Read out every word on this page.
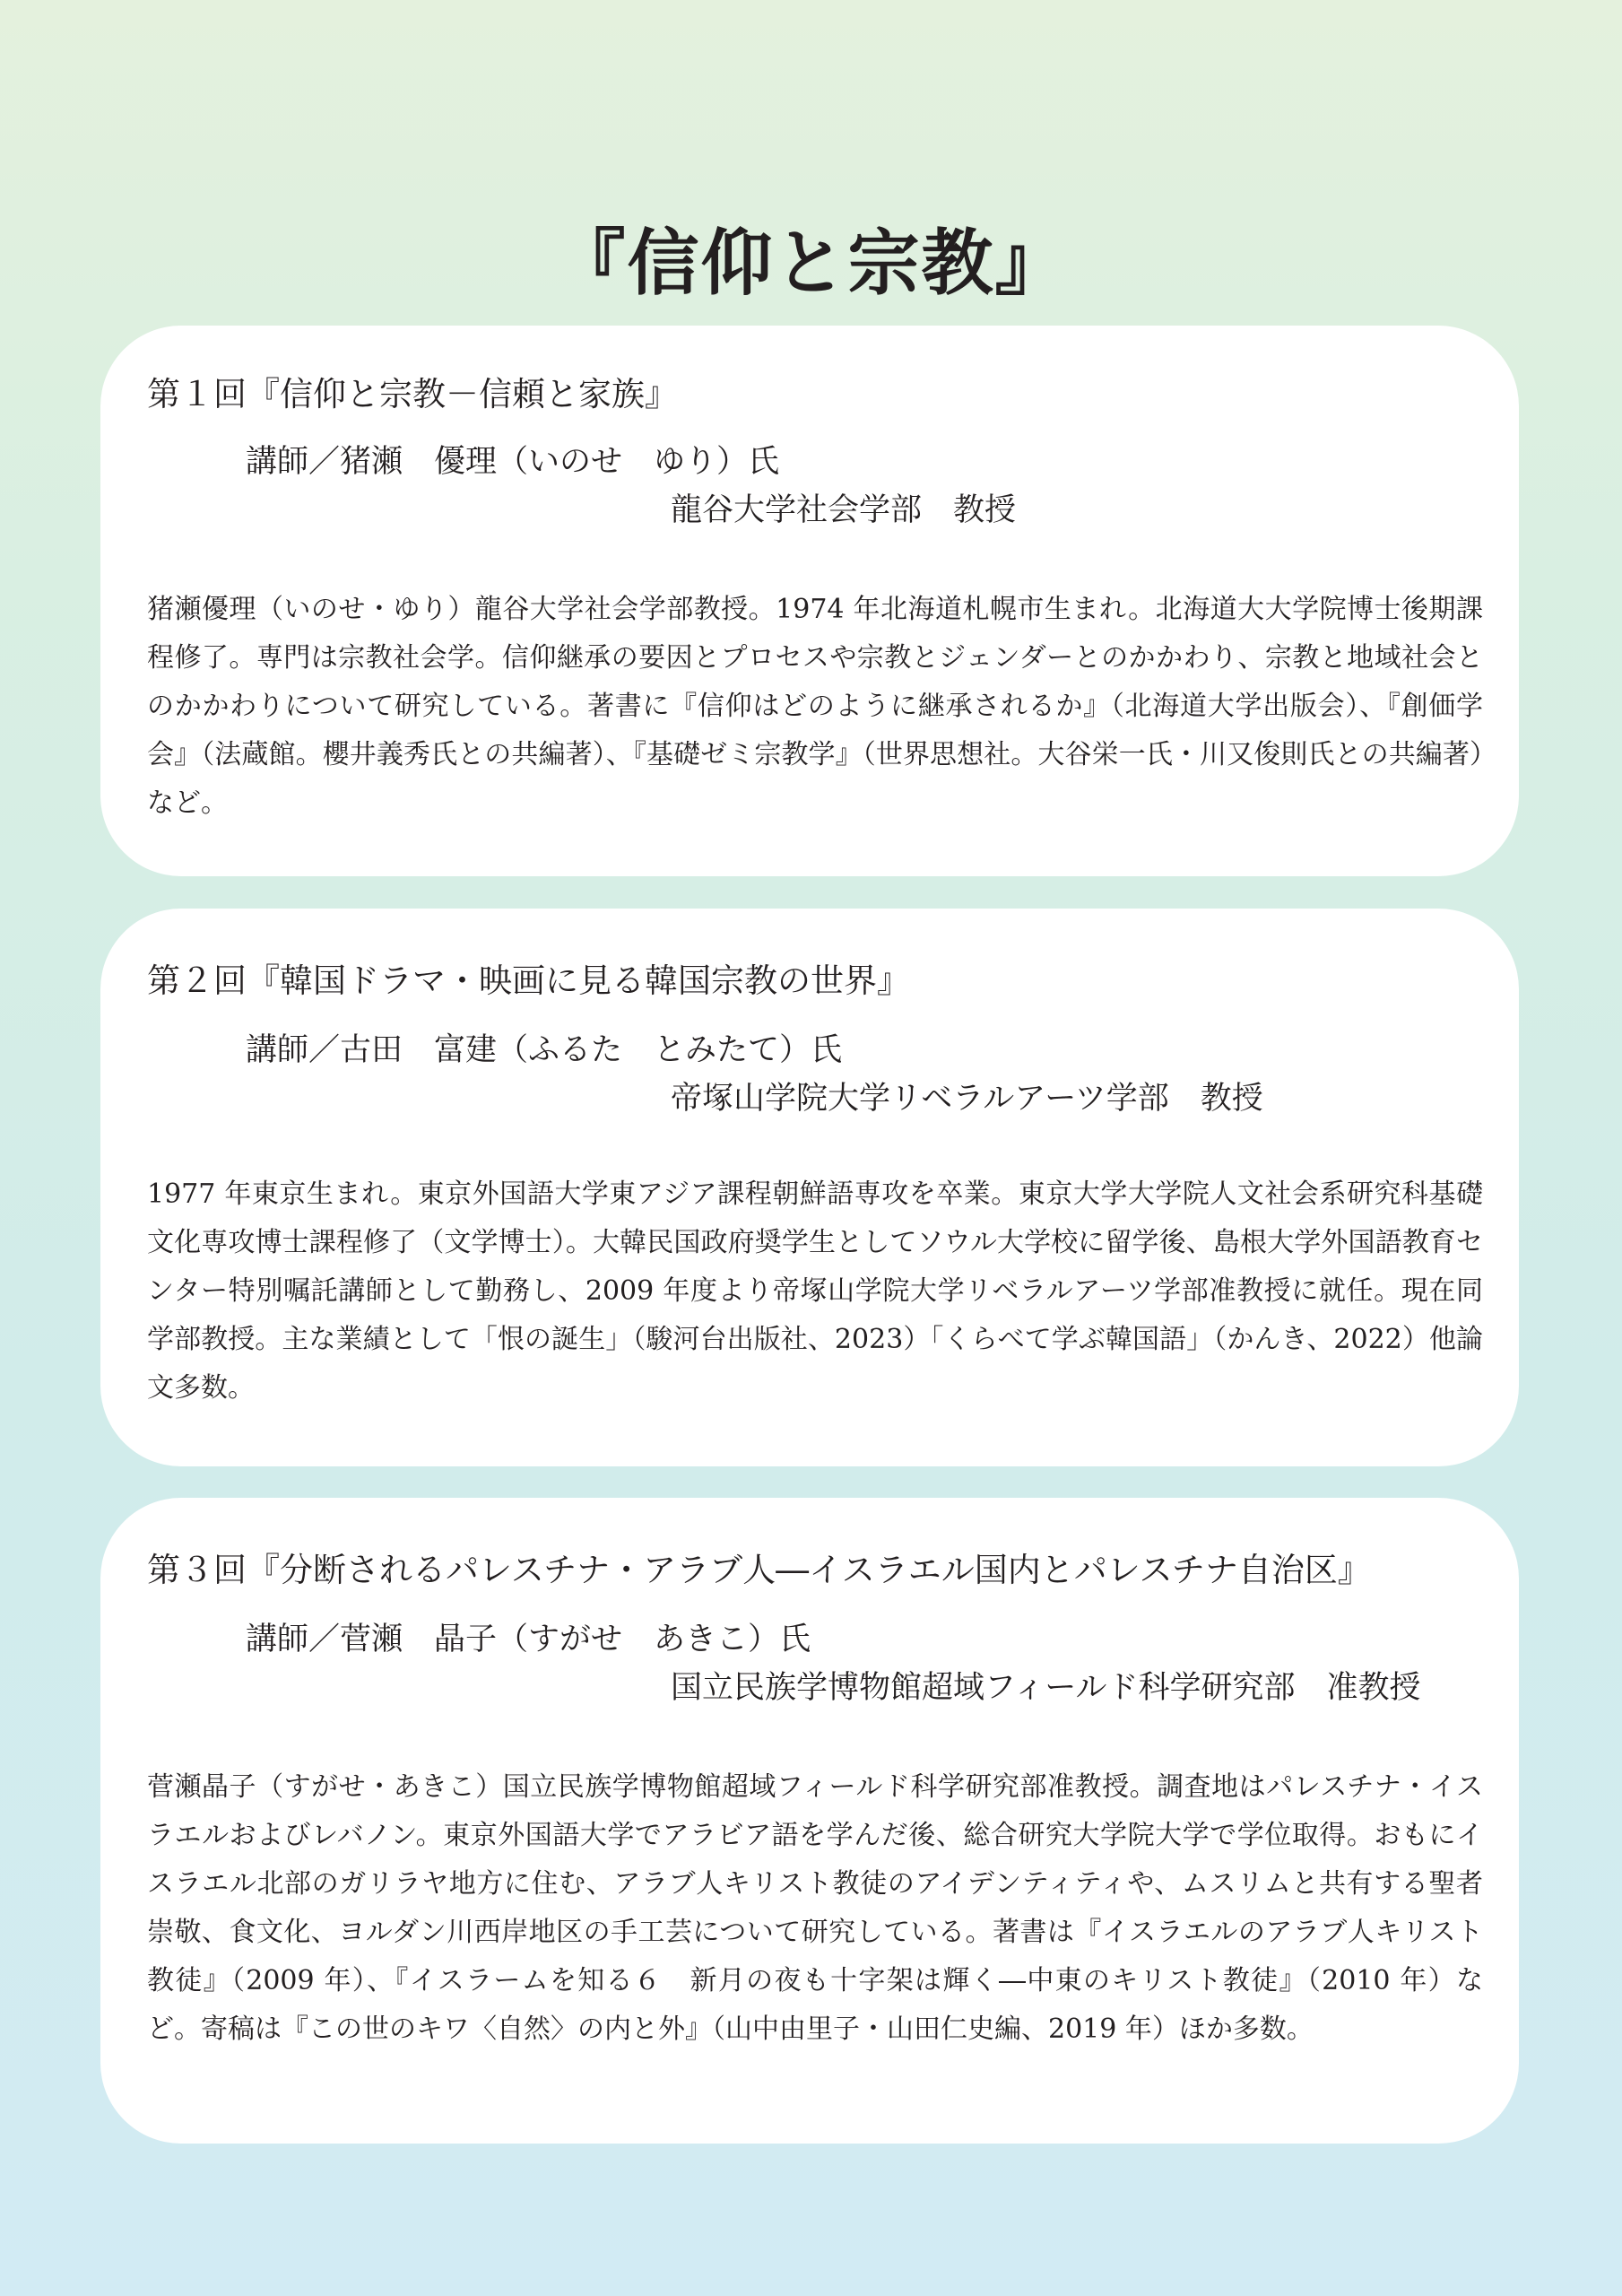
『信仰と宗教』
第１回『信仰と宗教－信頼と家族』
講師／猪瀬　優理（いのせ　ゆり）氏
龍谷大学社会学部　教授

猪瀬優理（いのせ・ゆり）龍谷大学社会学部教授。1974 年北海道札幌市生まれ。北海道大大学院博士後期課程修了。専門は宗教社会学。信仰継承の要因とプロセスや宗教とジェンダーとのかかわり、宗教と地域社会とのかかわりについて研究している。著書に『信仰はどのように継承されるか』（北海道大学出版会）、『創価学会』（法蔵館。櫻井義秀氏との共編著）、『基礎ゼミ宗教学』（世界思想社。大谷栄一氏・川又俊則氏との共編著）など。

第２回『韓国ドラマ・映画に見る韓国宗教の世界』
講師／古田　富建（ふるた　とみたて）氏
帝塚山学院大学リベラルアーツ学部　教授

1977 年東京生まれ。東京外国語大学東アジア課程朝鮮語専攻を卒業。東京大学大学院人文社会系研究科基礎文化専攻博士課程修了（文学博士）。大韓民国政府奨学生としてソウル大学校に留学後、島根大学外国語教育センター特別嘱託講師として勤務し、2009 年度より帝塚山学院大学リベラルアーツ学部准教授に就任。現在同学部教授。主な業績として「恨の誕生」（駿河台出版社、2023）「くらべて学ぶ韓国語」（かんき、2022）他論文多数。

第３回『分断されるパレスチナ・アラブ人―イスラエル国内とパレスチナ自治区』
講師／菅瀬　晶子（すがせ　あきこ）氏
国立民族学博物館超域フィールド科学研究部　准教授

菅瀬晶子（すがせ・あきこ）国立民族学博物館超域フィールド科学研究部准教授。調査地はパレスチナ・イスラエルおよびレバノン。東京外国語大学でアラビア語を学んだ後、総合研究大学院大学で学位取得。おもにイスラエル北部のガリラヤ地方に住む、アラブ人キリスト教徒のアイデンティティや、ムスリムと共有する聖者崇敬、食文化、ヨルダン川西岸地区の手工芸について研究している。著書は『イスラエルのアラブ人キリスト教徒』（2009 年）、『イスラームを知る６　新月の夜も十字架は輝く―中東のキリスト教徒』（2010 年）など。寄稿は『この世のキワ〈自然〉の内と外』（山中由里子・山田仁史編、2019 年）ほか多数。
